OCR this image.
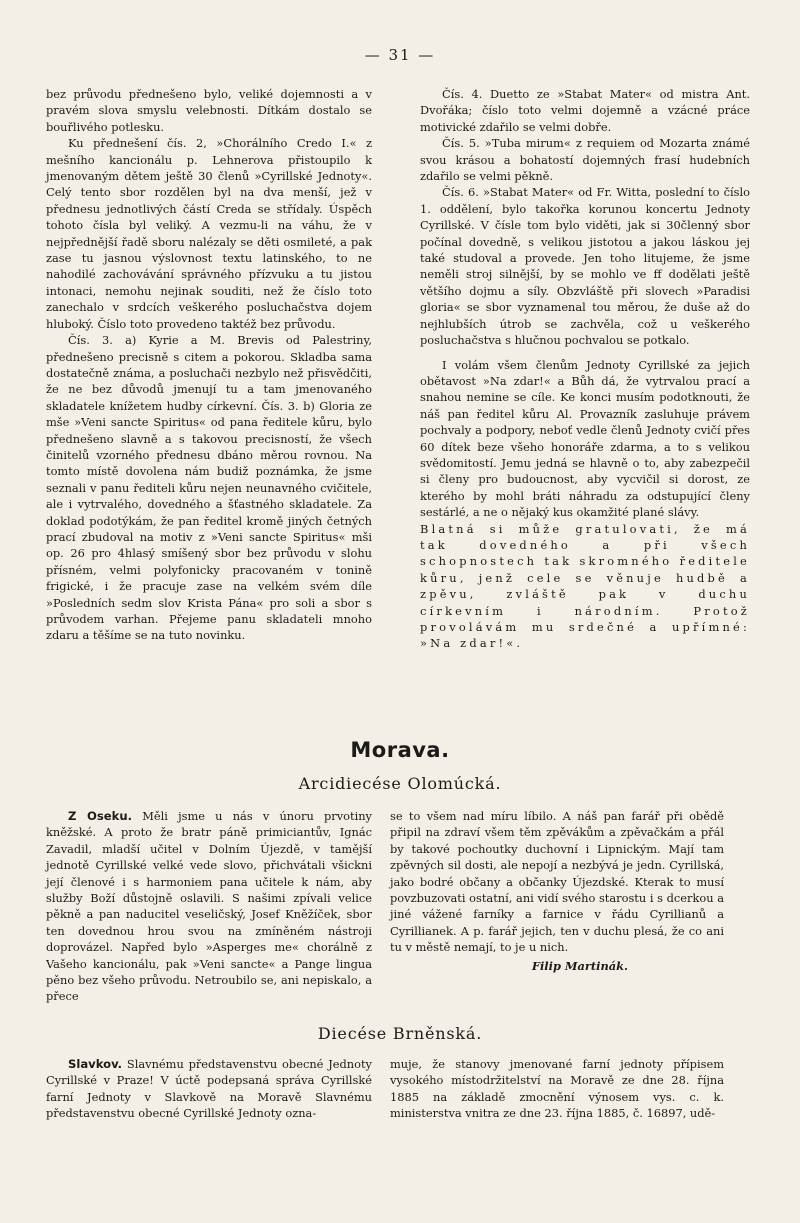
— 31 —

bez průvodu přednešeno bylo, veliké dojemnosti a v pravém slova smyslu velebnosti. Dítkám dostalo se bouřlivého potlesku.

Ku přednešení čís. 2, »Chorálního Credo I.« z mešního kancionálu p. Lehnerova přistoupilo k jmenovaným dětem ještě 30 členů »Cyrillské Jednoty«. Celý tento sbor rozdělen byl na dva menší, jež v přednesu jednotlivých částí Creda se střídaly. Úspěch tohoto čísla byl veliký. A vezmu-li na váhu, že v nejpřednější řadě sboru nalézaly se děti osmileté, a pak zase tu jasnou výslovnost textu latinského, to ne nahodilé zachovávání správného přízvuku a tu jistou intonaci, nemohu nejinak souditi, než že číslo toto zanechalo v srdcích veškerého posluchačstva dojem hluboký. Číslo toto provedeno taktéž bez průvodu.

Čís. 3. a) Kyrie a M. Brevis od Palestriny, přednešeno precisně s citem a pokorou. Skladba sama dostatečně známa, a posluchači nezbylo než přisvědčiti, že ne bez důvodů jmenují tu a tam jmenovaného skladatele knížetem hudby církevní. Čís. 3. b) Gloria ze mše »Veni sancte Spiritus« od pana ředitele kůru, bylo přednešeno slavně a s takovou precisností, že všech činitelů vzorného přednesu dbáno měrou rovnou. Na tomto místě dovolena nám budiž poznámka, že jsme seznali v panu řediteli kůru nejen neunavného cvičitele, ale i vytrvalého, dovedného a šťastného skladatele. Za doklad podotýkám, že pan ředitel kromě jiných četných prací zbudoval na motiv z »Veni sancte Spiritus« mši op. 26 pro 4hlasý smíšený sbor bez průvodu v slohu přísném, velmi polyfonicky pracovaném v tonině frigické, i že pracuje zase na velkém svém díle »Posledních sedm slov Krista Pána« pro soli a sbor s průvodem varhan. Přejeme panu skladateli mnoho zdaru a těšíme se na tuto novinku.

Čís. 4. Duetto ze »Stabat Mater« od mistra Ant. Dvořáka; číslo toto velmi dojemně a vzácné práce motivické zdařilo se velmi dobře.

Čís. 5. »Tuba mirum« z requiem od Mozarta známé svou krásou a bohatostí dojemných frasí hudebních zdařilo se velmi pěkně.

Čís. 6. »Stabat Mater« od Fr. Witta, poslední to číslo 1. oddělení, bylo takořka korunou koncertu Jednoty Cyrillské. V čísle tom bylo viděti, jak si 30členný sbor počínal dovedně, s velikou jistotou a jakou láskou jej také studoval a provede. Jen toho litujeme, že jsme neměli stroj silnější, by se mohlo ve ff dodělati ještě většího dojmu a síly. Obzvláště při slovech »Paradisi gloria« se sbor vyznamenal tou měrou, že duše až do nejhlubších útrob se zachvěla, což u veškerého posluchačstva s hlučnou pochvalou se potkalo.

I volám všem členům Jednoty Cyrillské za jejich obětavost »Na zdar!« a Bůh dá, že vytrvalou prací a snahou nemine se cíle. Ke konci musím podotknouti, že náš pan ředitel kůru Al. Provazník zasluhuje právem pochvaly a podpory, neboť vedle členů Jednoty cvičí přes 60 dítek beze všeho honoráře zdarma, a to s velikou svědomitostí. Jemu jedná se hlavně o to, aby zabezpečil si členy pro budoucnost, aby vycvičil si dorost, ze kterého by mohl bráti náhradu za odstupující členy sestárlé, a ne o nějaký kus okamžité plané slávy.

Blatná si může gratulovati, že má tak dovedného a při všech schopnostech tak skromného ředitele kůru, jenž cele se věnuje hudbě a zpěvu, zvláště pak v duchu církevním i národním. Protož provolávám mu srdečné a upřímné: »Na zdar!«.

Morava.
Arcidiecése Olomúcká.

Z Oseku. Měli jsme u nás v únoru prvotiny kněžské. A proto že bratr páně primiciantův, Ignác Zavadil, mladší učitel v Dolním Újezdě, v tamější jednotě Cyrillské velké vede slovo, přichvátali všickni její členové i s harmoniem pana učitele k nám, aby služby Boží důstojně oslavili. S našimi zpívali velice pěkně a pan naducitel veseličský, Josef Kněžíček, sbor ten dovednou hrou svou na zmíněném nástroji doprovázel. Napřed bylo »Asperges me« chorálně z Vašeho kancionálu, pak »Veni sancte« a Pange lingua pěno bez všeho průvodu. Netroubilo se, ani nepiskalo, a přece

se to všem nad míru líbilo. A náš pan farář při obědě připil na zdraví všem těm zpěvákům a zpěvačkám a přál by takové pochoutky duchovní i Lipnickým. Mají tam zpěvných sil dosti, ale nepojí a nezbývá je jedn. Cyrillská, jako bodré občany a občanky Újezdské. Kterak to musí povzbuzovati ostatní, ani vidí svého starostu i s dcerkou a jiné vážené farníky a farnice v řádu Cyrillianů a Cyrillianek. A p. farář jejich, ten v duchu plesá, že co ani tu v městě nemají, to je u nich.

Filip Martinák.
Diecése Brněnská.

Slavkov. Slavnému představenstvu obecné Jednoty Cyrillské v Praze! V úctě podepsaná správa Cyrillské farní Jednoty v Slavkově na Moravě Slavnému představenstvu obecné Cyrillské Jednoty ozna-

muje, že stanovy jmenované farní jednoty přípisem vysokého místodržitelství na Moravě ze dne 28. října 1885 na základě zmocnění výnosem vys. c. k. ministerstva vnitra ze dne 23. října 1885, č. 16897, udě-
